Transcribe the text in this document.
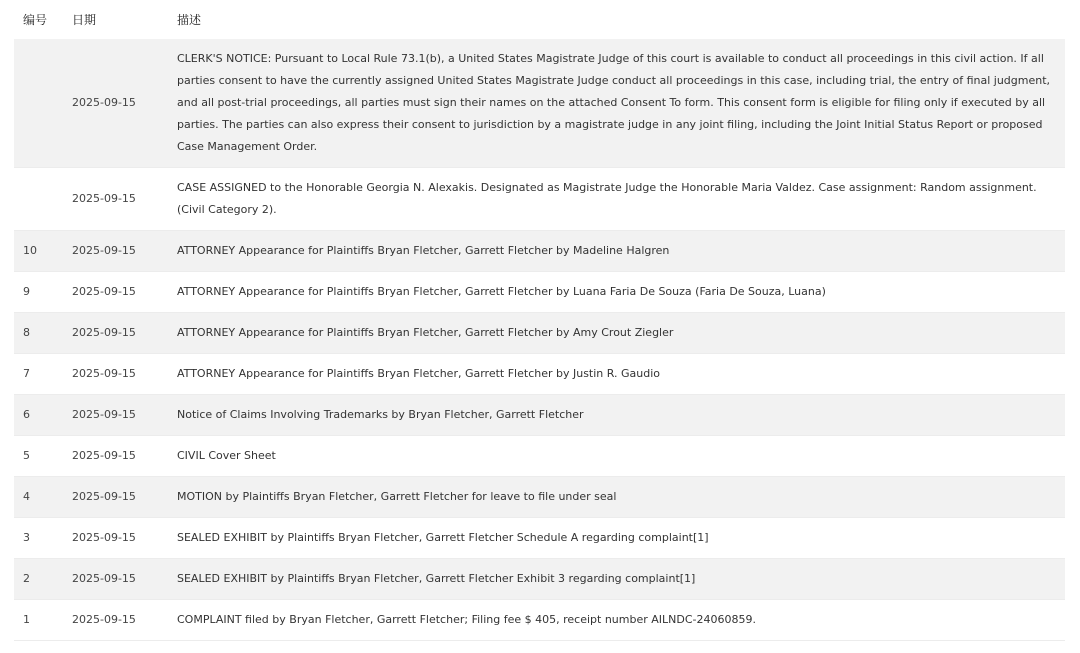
编号	日期	描述
	2025-09-15	CLERK'S NOTICE: Pursuant to Local Rule 73.1(b), a United States Magistrate Judge of this court is available to conduct all proceedings in this civil action. If all parties consent to have the currently assigned United States Magistrate Judge conduct all proceedings in this case, including trial, the entry of final judgment, and all post-trial proceedings, all parties must sign their names on the attached Consent To form. This consent form is eligible for filing only if executed by all parties. The parties can also express their consent to jurisdiction by a magistrate judge in any joint filing, including the Joint Initial Status Report or proposed Case Management Order.
	2025-09-15	CASE ASSIGNED to the Honorable Georgia N. Alexakis. Designated as Magistrate Judge the Honorable Maria Valdez. Case assignment: Random assignment. (Civil Category 2).
10	2025-09-15	ATTORNEY Appearance for Plaintiffs Bryan Fletcher, Garrett Fletcher by Madeline Halgren
9	2025-09-15	ATTORNEY Appearance for Plaintiffs Bryan Fletcher, Garrett Fletcher by Luana Faria De Souza (Faria De Souza, Luana)
8	2025-09-15	ATTORNEY Appearance for Plaintiffs Bryan Fletcher, Garrett Fletcher by Amy Crout Ziegler
7	2025-09-15	ATTORNEY Appearance for Plaintiffs Bryan Fletcher, Garrett Fletcher by Justin R. Gaudio
6	2025-09-15	Notice of Claims Involving Trademarks by Bryan Fletcher, Garrett Fletcher
5	2025-09-15	CIVIL Cover Sheet
4	2025-09-15	MOTION by Plaintiffs Bryan Fletcher, Garrett Fletcher for leave to file under seal
3	2025-09-15	SEALED EXHIBIT by Plaintiffs Bryan Fletcher, Garrett Fletcher Schedule A regarding complaint[1]
2	2025-09-15	SEALED EXHIBIT by Plaintiffs Bryan Fletcher, Garrett Fletcher Exhibit 3 regarding complaint[1]
1	2025-09-15	COMPLAINT filed by Bryan Fletcher, Garrett Fletcher; Filing fee $ 405, receipt number AILNDC-24060859.
